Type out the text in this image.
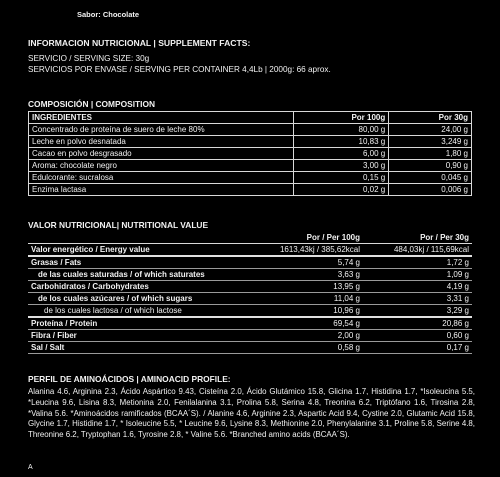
Sabor: Chocolate
INFORMACION NUTRICIONAL | SUPPLEMENT FACTS:
SERVICIO / SERVING SIZE: 30g
SERVICIOS POR ENVASE / SERVING PER CONTAINER 4,4Lb | 2000g: 66 aprox.
COMPOSICIÓN | COMPOSITION
INGREDIENTES	Por 100g	Por 30g
Concentrado de proteína de suero de leche 80%	80,00 g	24,00 g
Leche en polvo desnatada	10,83 g	3,249 g
Cacao en polvo desgrasado	6,00 g	1,80 g
Aroma: chocolate negro	3,00 g	0,90 g
Edulcorante: sucralosa	0,15 g	0,045 g
Enzima lactasa	0,02 g	0,006 g
VALOR NUTRICIONAL| NUTRITIONAL VALUE
	Por / Per 100g	Por / Per 30g
Valor energético / Energy value	1613,43kj / 385,62kcal	484,03kj / 115,69kcal
Grasas / Fats	5,74 g	1,72 g
de las cuales saturadas / of which saturates	3,63 g	1,09 g
Carbohidratos / Carbohydrates	13,95 g	4,19 g
de los cuales azúcares / of which sugars	11,04 g	3,31 g
de los cuales lactosa / of which lactose	10,96 g	3,29 g
Proteína / Protein	69,54 g	20,86 g
Fibra / Fiber	2,00 g	0,60 g
Sal / Salt	0,58 g	0,17 g
PERFIL DE AMINOÁCIDOS | AMINOACID PROFILE:
Alanina 4.6, Arginina 2.3, Ácido Aspártico 9.43, Cisteína 2.0, Ácido Glutámico 15.8, Glicina 1.7, Histidina 1.7, *Isoleucina 5.5, *Leucina 9.6, Lisina 8.3, Metionina 2.0, Fenilalanina 3.1, Prolina 5.8, Serina 4.8, Treonina 6.2, Triptófano 1.6, Tirosina 2.8, *Valina 5.6. *Aminoácidos ramificados (BCAA´S). / Alanine 4.6, Arginine 2.3, Aspartic Acid 9.4, Cystine 2.0, Glutamic Acid 15.8, Glycine 1.7, Histidine 1.7, * Isoleucine 5.5, * Leucine 9.6, Lysine 8.3, Methionine 2.0, Phenylalanine 3.1, Proline 5.8, Serine 4.8, Threonine 6.2, Tryptophan 1.6, Tyrosine 2.8, * Valine 5.6. *Branched amino acids (BCAA´S).
A
